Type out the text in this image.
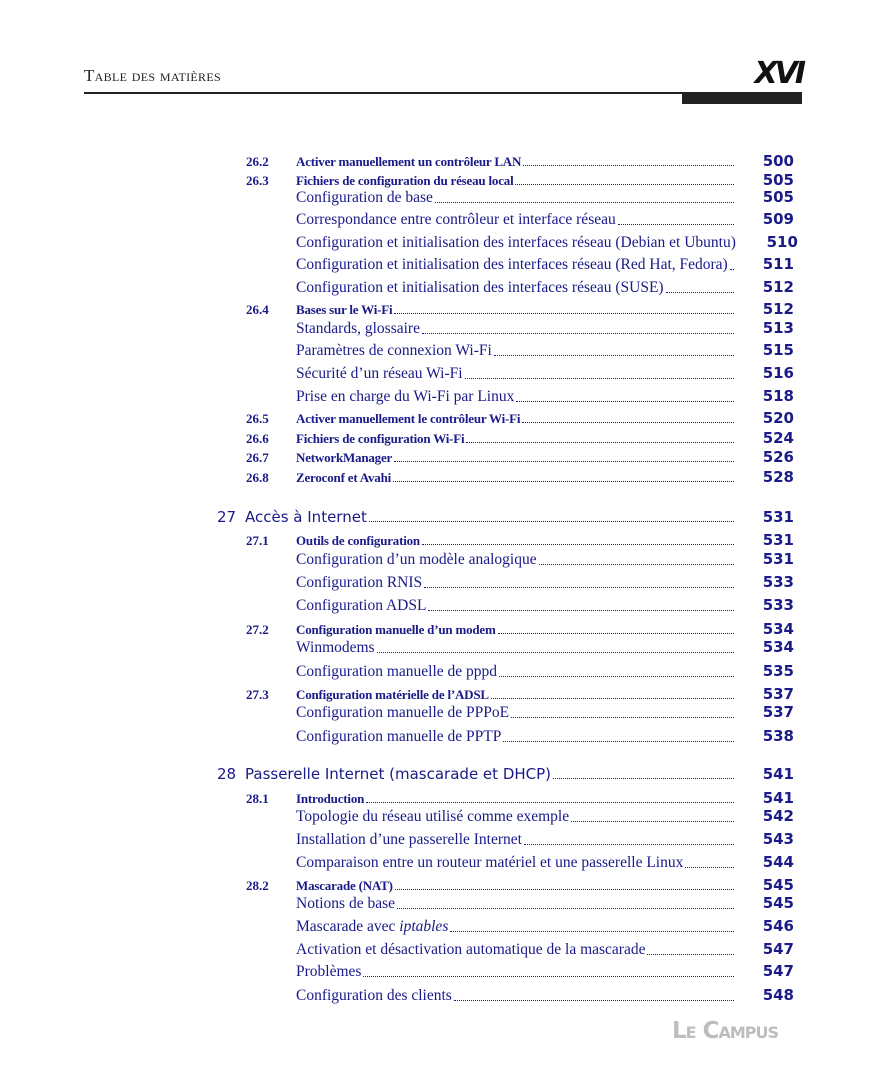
Table des matières	XVI
26.2 Activer manuellement un contrôleur LAN	500
26.3 Fichiers de configuration du réseau local	505
Configuration de base	505
Correspondance entre contrôleur et interface réseau	509
Configuration et initialisation des interfaces réseau (Debian et Ubuntu)	510
Configuration et initialisation des interfaces réseau (Red Hat, Fedora)	511
Configuration et initialisation des interfaces réseau (SUSE)	512
26.4 Bases sur le Wi-Fi	512
Standards, glossaire	513
Paramètres de connexion Wi-Fi	515
Sécurité d’un réseau Wi-Fi	516
Prise en charge du Wi-Fi par Linux	518
26.5 Activer manuellement le contrôleur Wi-Fi	520
26.6 Fichiers de configuration Wi-Fi	524
26.7 NetworkManager	526
26.8 Zeroconf et Avahi	528
27 Accès à Internet	531
27.1 Outils de configuration	531
Configuration d’un modèle analogique	531
Configuration RNIS	533
Configuration ADSL	533
27.2 Configuration manuelle d’un modem	534
Winmodems	534
Configuration manuelle de pppd	535
27.3 Configuration matérielle de l’ADSL	537
Configuration manuelle de PPPoE	537
Configuration manuelle de PPTP	538
28 Passerelle Internet (mascarade et DHCP)	541
28.1 Introduction	541
Topologie du réseau utilisé comme exemple	542
Installation d’une passerelle Internet	543
Comparaison entre un routeur matériel et une passerelle Linux	544
28.2 Mascarade (NAT)	545
Notions de base	545
Mascarade avec iptables	546
Activation et désactivation automatique de la mascarade	547
Problèmes	547
Configuration des clients	548
Le Campus
